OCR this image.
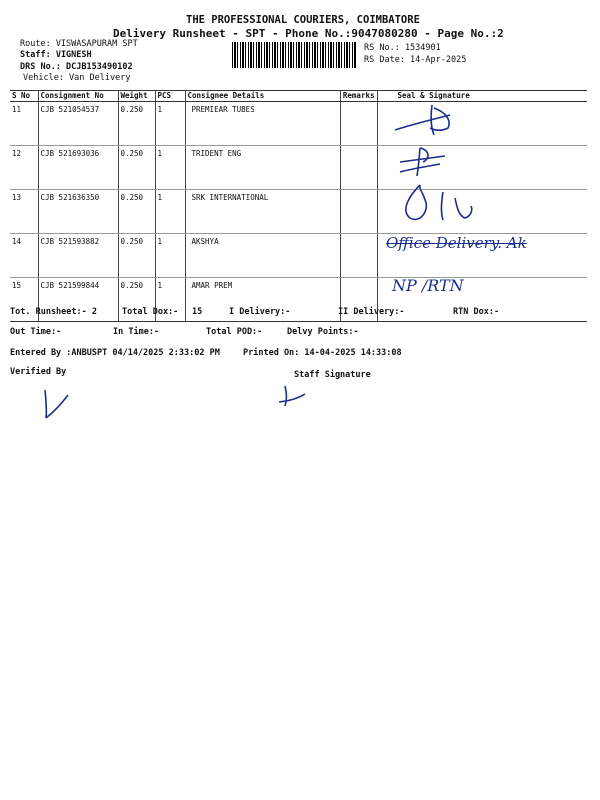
THE PROFESSIONAL COURIERS, COIMBATORE
Delivery Runsheet - SPT - Phone No.:9047080280 - Page No.:2
Route: VISWASAPURAM SPT
Staff: VIGNESH
DRS No.: DCJB153490102
Vehicle: Van Delivery
RS No.: 1534901
RS Date: 14-Apr-2025
S No	Consignment No	Weight	PCS	Consignee Details	Remarks	Seal & Signature
11	CJB 521054537	0.250	1	PREMIEAR TUBES		
12	CJB 521693036	0.250	1	TRIDENT ENG		
13	CJB 521636350	0.250	1	SRK INTERNATIONAL		
14	CJB 521593882	0.250	1	AKSHYA		
15	CJB 521599844	0.250	1	AMAR PREM		
Office Delivery. Ak
NP /RTN
Tot. Runsheet:- 2	Total Dox:- 15	I Delivery:-	II Delivery:-	RTN Dox:-
Out Time:-	In Time:-	Total POD:-	Delvy Points:-
Entered By :ANBUSPT 04/14/2025 2:33:02 PM	Printed On: 14-04-2025 14:33:08
Verified By	Staff Signature
